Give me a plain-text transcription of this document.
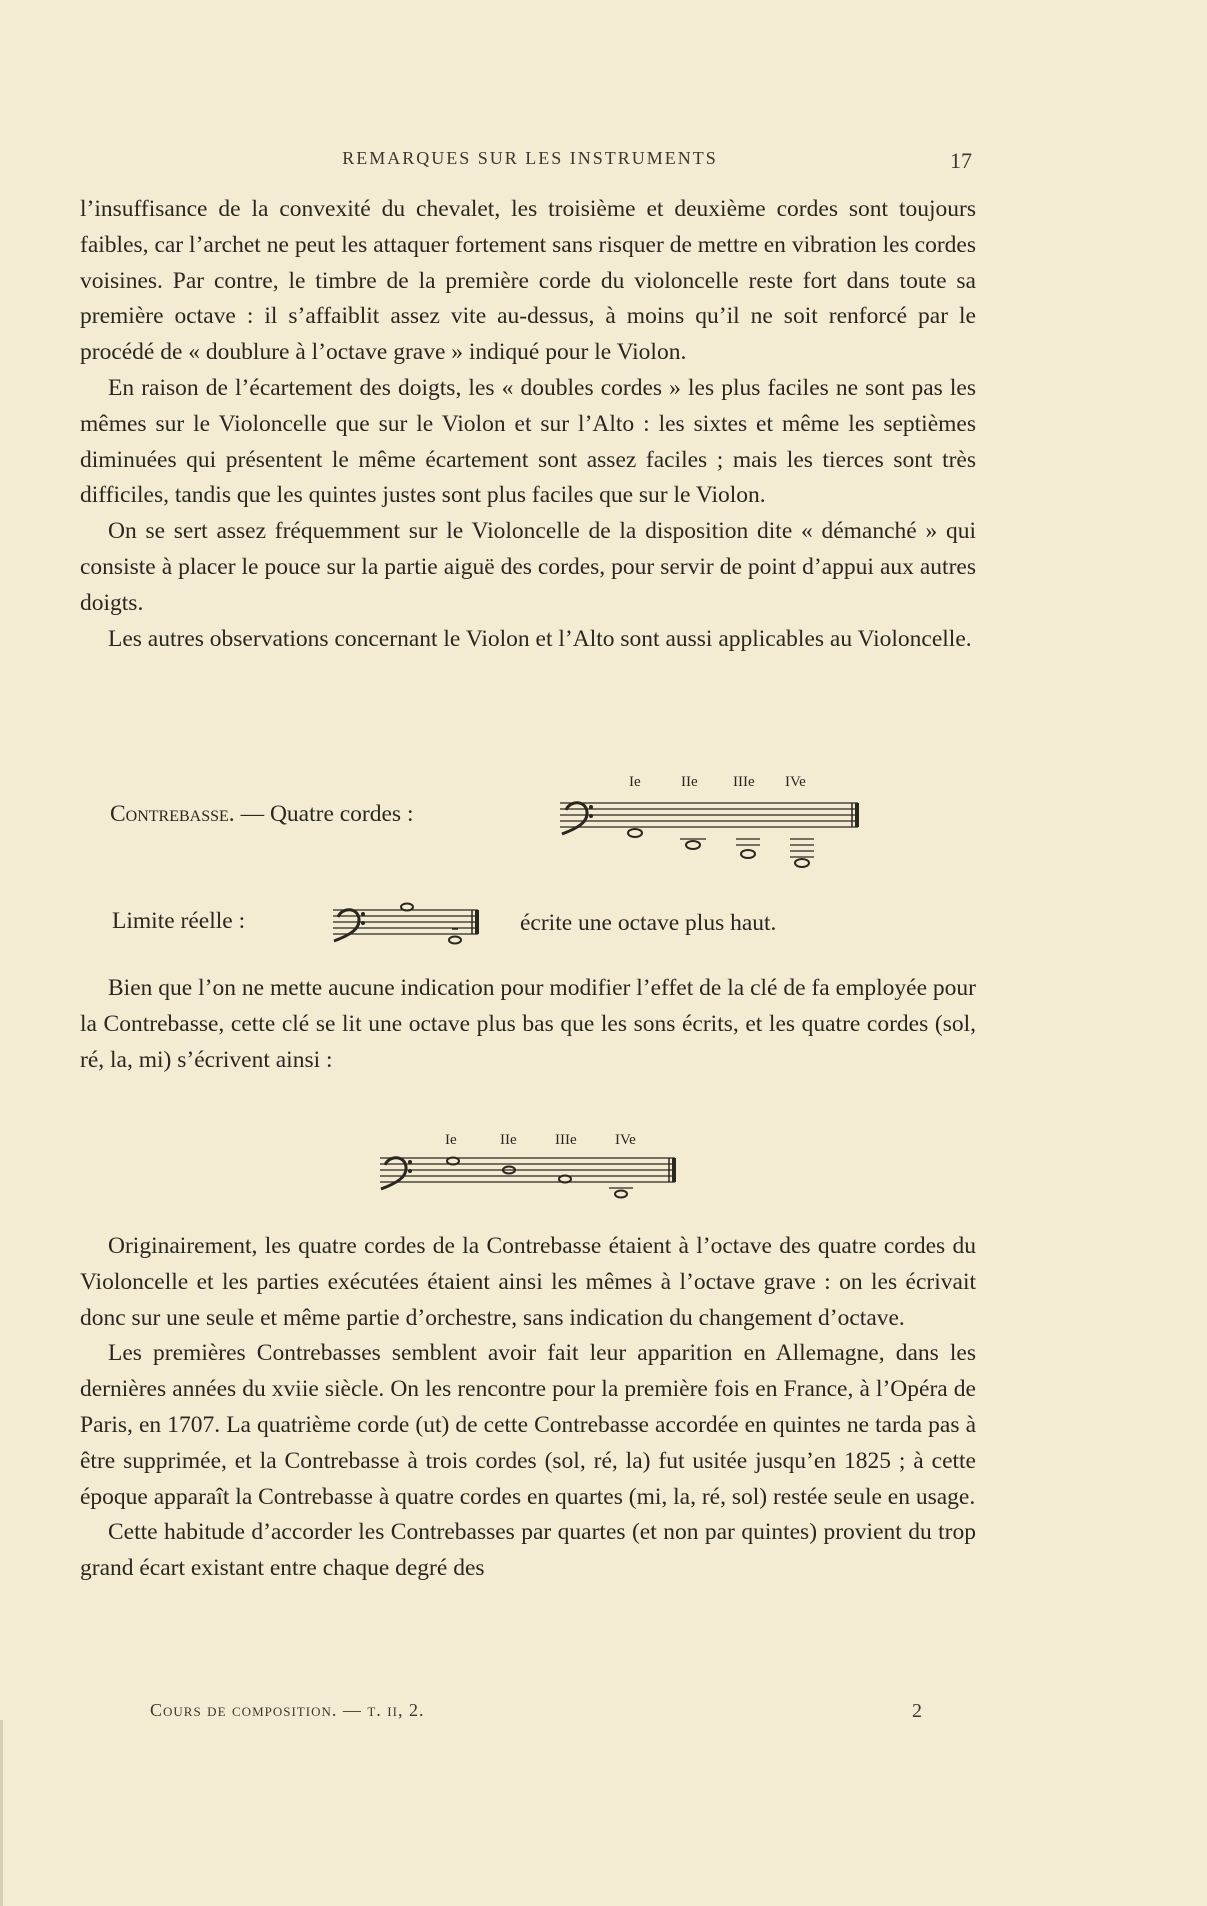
REMARQUES SUR LES INSTRUMENTS	17

l’insuffisance de la convexité du chevalet, les troisième et deuxième cordes sont toujours faibles, car l’archet ne peut les attaquer fortement sans risquer de mettre en vibration les cordes voisines. Par contre, le timbre de la première corde du violoncelle reste fort dans toute sa première octave : il s’affaiblit assez vite au-dessus, à moins qu’il ne soit renforcé par le procédé de « doublure à l’octave grave » indiqué pour le Violon.

En raison de l’écartement des doigts, les « doubles cordes » les plus faciles ne sont pas les mêmes sur le Violoncelle que sur le Violon et sur l’Alto : les sixtes et même les septièmes diminuées qui présentent le même écartement sont assez faciles ; mais les tierces sont très difficiles, tandis que les quintes justes sont plus faciles que sur le Violon.

On se sert assez fréquemment sur le Violoncelle de la disposition dite « démanché » qui consiste à placer le pouce sur la partie aiguë des cordes, pour servir de point d’appui aux autres doigts.

Les autres observations concernant le Violon et l’Alto sont aussi applicables au Violoncelle.

Contrebasse. — Quatre cordes :
Ie	IIe IIIe IVe
Limite réelle :	écrite une octave plus haut.

Bien que l’on ne mette aucune indication pour modifier l’effet de la clé de fa employée pour la Contrebasse, cette clé se lit une octave plus bas que les sons écrits, et les quatre cordes (sol, ré, la, mi) s’écrivent ainsi :

Ie	IIe	IIIe	IVe

Originairement, les quatre cordes de la Contrebasse étaient à l’octave des quatre cordes du Violoncelle et les parties exécutées étaient ainsi les mêmes à l’octave grave : on les écrivait donc sur une seule et même partie d’orchestre, sans indication du changement d’octave.

Les premières Contrebasses semblent avoir fait leur apparition en Allemagne, dans les dernières années du xviie siècle. On les rencontre pour la première fois en France, à l’Opéra de Paris, en 1707. La quatrième corde (ut) de cette Contrebasse accordée en quintes ne tarda pas à être supprimée, et la Contrebasse à trois cordes (sol, ré, la) fut usitée jusqu’en 1825 ; à cette époque apparaît la Contrebasse à quatre cordes en quartes (mi, la, ré, sol) restée seule en usage.

Cette habitude d’accorder les Contrebasses par quartes (et non par quintes) provient du trop grand écart existant entre chaque degré des

Cours de composition. — t. ii, 2.	2
